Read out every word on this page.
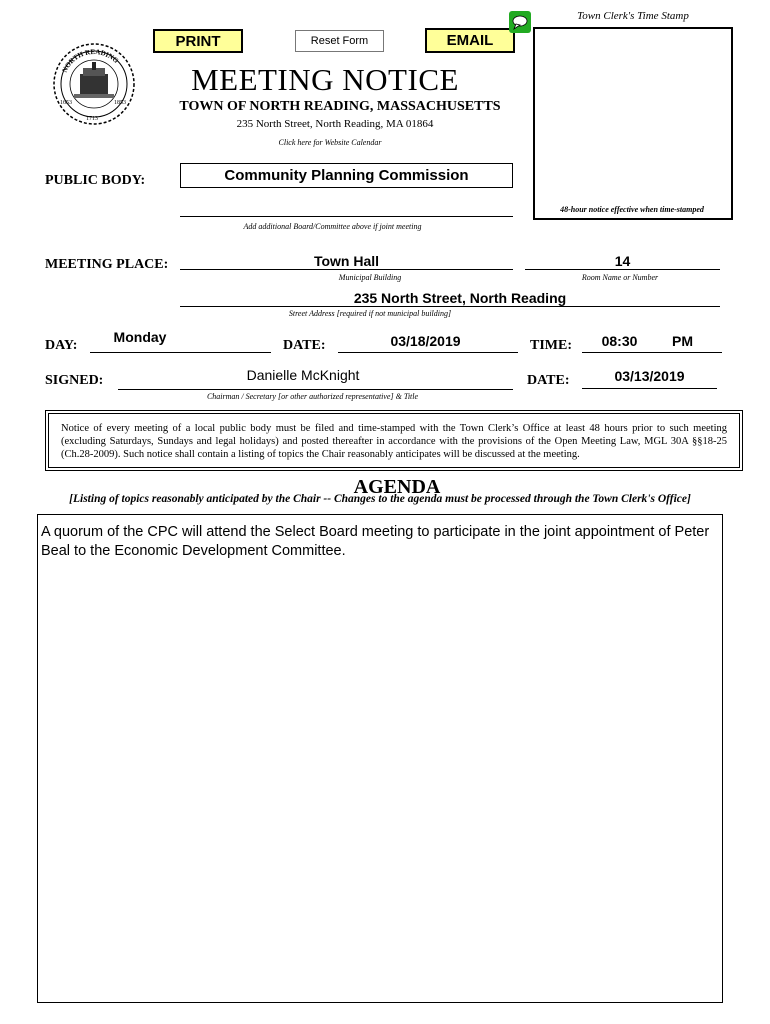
PRINT	Reset Form	EMAIL
Town Clerk's Time Stamp
48-hour notice effective when time-stamped
NORTH READING
1653	1853
1713
MEETING NOTICE
TOWN OF NORTH READING, MASSACHUSETTS
235 North Street, North Reading, MA 01864
Click here for Website Calendar
PUBLIC BODY:	Community Planning Commission
Add additional Board/Committee above if joint meeting
MEETING PLACE:	Town Hall
Municipal Building
14
Room Name or Number
235 North Street, North Reading
Street Address [required if not municipal building]
DAY:
Monday
DATE:	03/18/2019	TIME:	08:30	PM
SIGNED:	Danielle McKnight
Chairman / Secretary [or other authorized representative] & Title
DATE:	03/13/2019
Notice of every meeting of a local public body must be filed and time-stamped with the Town Clerk’s Office at least 48 hours prior to such meeting (excluding Saturdays, Sundays and legal holidays) and posted thereafter in accordance with the provisions of the Open Meeting Law, MGL 30A §§18-25 (Ch.28-2009). Such notice shall contain a listing of topics the Chair reasonably anticipates will be discussed at the meeting.
AGENDA
[Listing of topics reasonably anticipated by the Chair -- Changes to the agenda must be processed through the Town Clerk's Office]
A quorum of the CPC will attend the Select Board meeting to participate in the joint appointment of Peter Beal to the Economic Development Committee.
